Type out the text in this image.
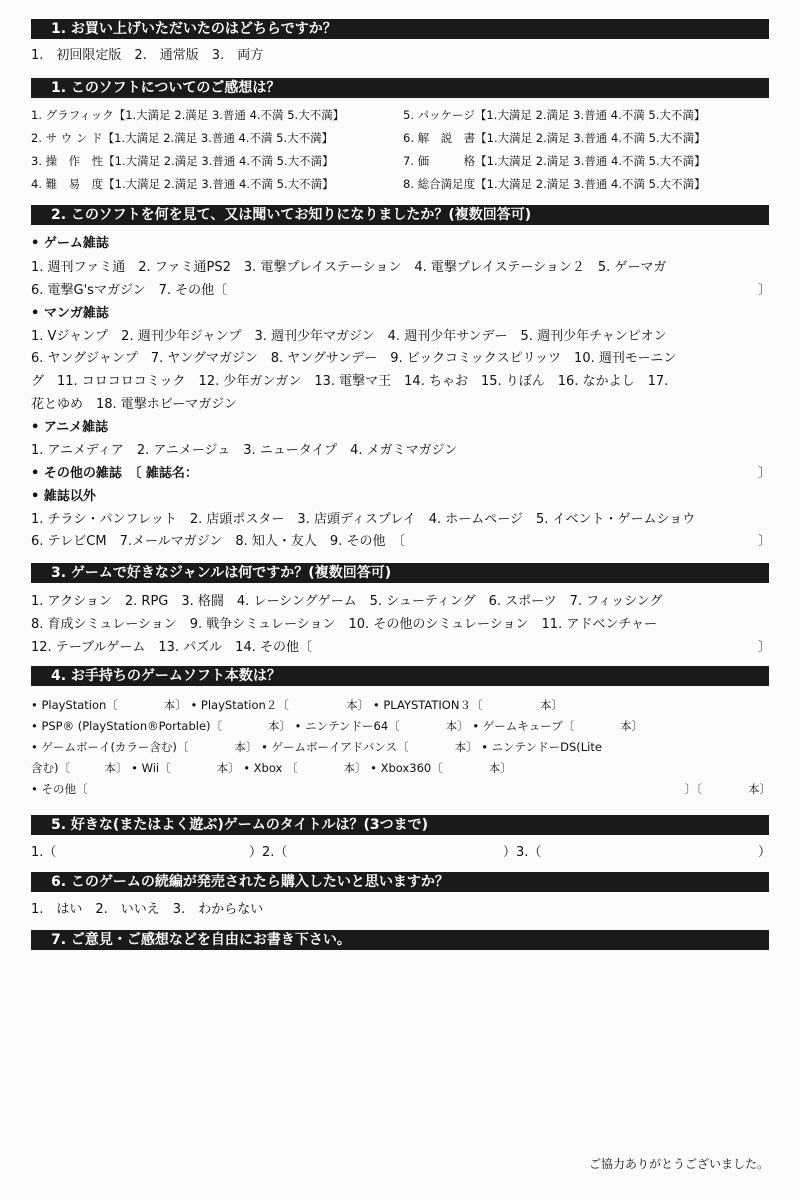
1. お買い上げいただいたのはどちらですか？
1.　初回限定版　2.　通常版　3.　両方
1. このソフトについてのご感想は？
1. グラフィック【1.大満足 2.満足 3.普通 4.不満 5.大不満】	5. パッケージ【1.大満足 2.満足 3.普通 4.不満 5.大不満】
2. サ ウ ン ド【1.大満足 2.満足 3.普通 4.不満 5.大不満】	6. 解　説　書【1.大満足 2.満足 3.普通 4.不満 5.大不満】
3. 操　作　性【1.大満足 2.満足 3.普通 4.不満 5.大不満】	7. 価　　　格【1.大満足 2.満足 3.普通 4.不満 5.大不満】
4. 難　易　度【1.大満足 2.満足 3.普通 4.不満 5.大不満】	8. 総合満足度【1.大満足 2.満足 3.普通 4.不満 5.大不満】
2. このソフトを何を見て、又は聞いてお知りになりましたか？(複数回答可)
• ゲーム雑誌
1. 週刊ファミ通　2. ファミ通PS2　3. 電撃プレイステーション　4. 電撃プレイステーション２　5. ゲーマガ
6. 電撃G'sマガジン　7. その他〔	〕
• マンガ雑誌
1. Vジャンプ　2. 週刊少年ジャンプ　3. 週刊少年マガジン　4. 週刊少年サンデー　5. 週刊少年チャンピオン
6. ヤングジャンプ　7. ヤングマガジン　8. ヤングサンデー　9. ビックコミックスピリッツ　10. 週刊モーニン
グ　11. コロコロコミック　12. 少年ガンガン　13. 電撃マ王　14. ちゃお　15. りぼん　16. なかよし　17.
花とゆめ　18. 電撃ホビーマガジン
• アニメ雑誌
1. アニメディア　2. アニメージュ　3. ニュータイプ　4. メガミマガジン
• その他の雑誌　〔 雑誌名：	〕
• 雑誌以外
1. チラシ・パンフレット　2. 店頭ポスター　3. 店頭ディスプレイ　4. ホームページ　5. イベント・ゲームショウ
6. テレビCM　7.メールマガジン　8. 知人・友人　9. その他　〔	〕
3. ゲームで好きなジャンルは何ですか？(複数回答可)
1. アクション　2. RPG　3. 格闘　4. レーシングゲーム　5. シューティング　6. スポーツ　7. フィッシング
8. 育成シミュレーション　9. 戦争シミュレーション　10. その他のシミュレーション　11. アドベンチャー
12. テーブルゲーム　13. パズル　14. その他〔	〕
4. お手持ちのゲームソフト本数は？
• PlayStation〔　　　　本〕 • PlayStation２〔　　　　　本〕 • PLAYSTATION３〔　　　　　本〕
• PSP® (PlayStation®Portable)〔　　　　本〕 • ニンテンドー64〔　　　　本〕 • ゲームキューブ〔　　　　本〕
• ゲームボーイ(カラー含む)〔　　　　本〕 • ゲームボーイアドバンス〔　　　　本〕 • ニンテンドーDS(Lite
含む)〔　　　本〕 • Wii〔　　　　本〕 • Xbox 〔　　　　本〕 • Xbox360〔　　　　本〕
• その他〔	〕〔　　　　本〕
5. 好きな(またはよく遊ぶ)ゲームのタイトルは？(3つまで)
1.（	）2.（	）3.（	）
6. このゲームの続編が発売されたら購入したいと思いますか？
1.　はい　2.　いいえ　3.　わからない
7. ご意見・ご感想などを自由にお書き下さい。
ご協力ありがとうございました。
